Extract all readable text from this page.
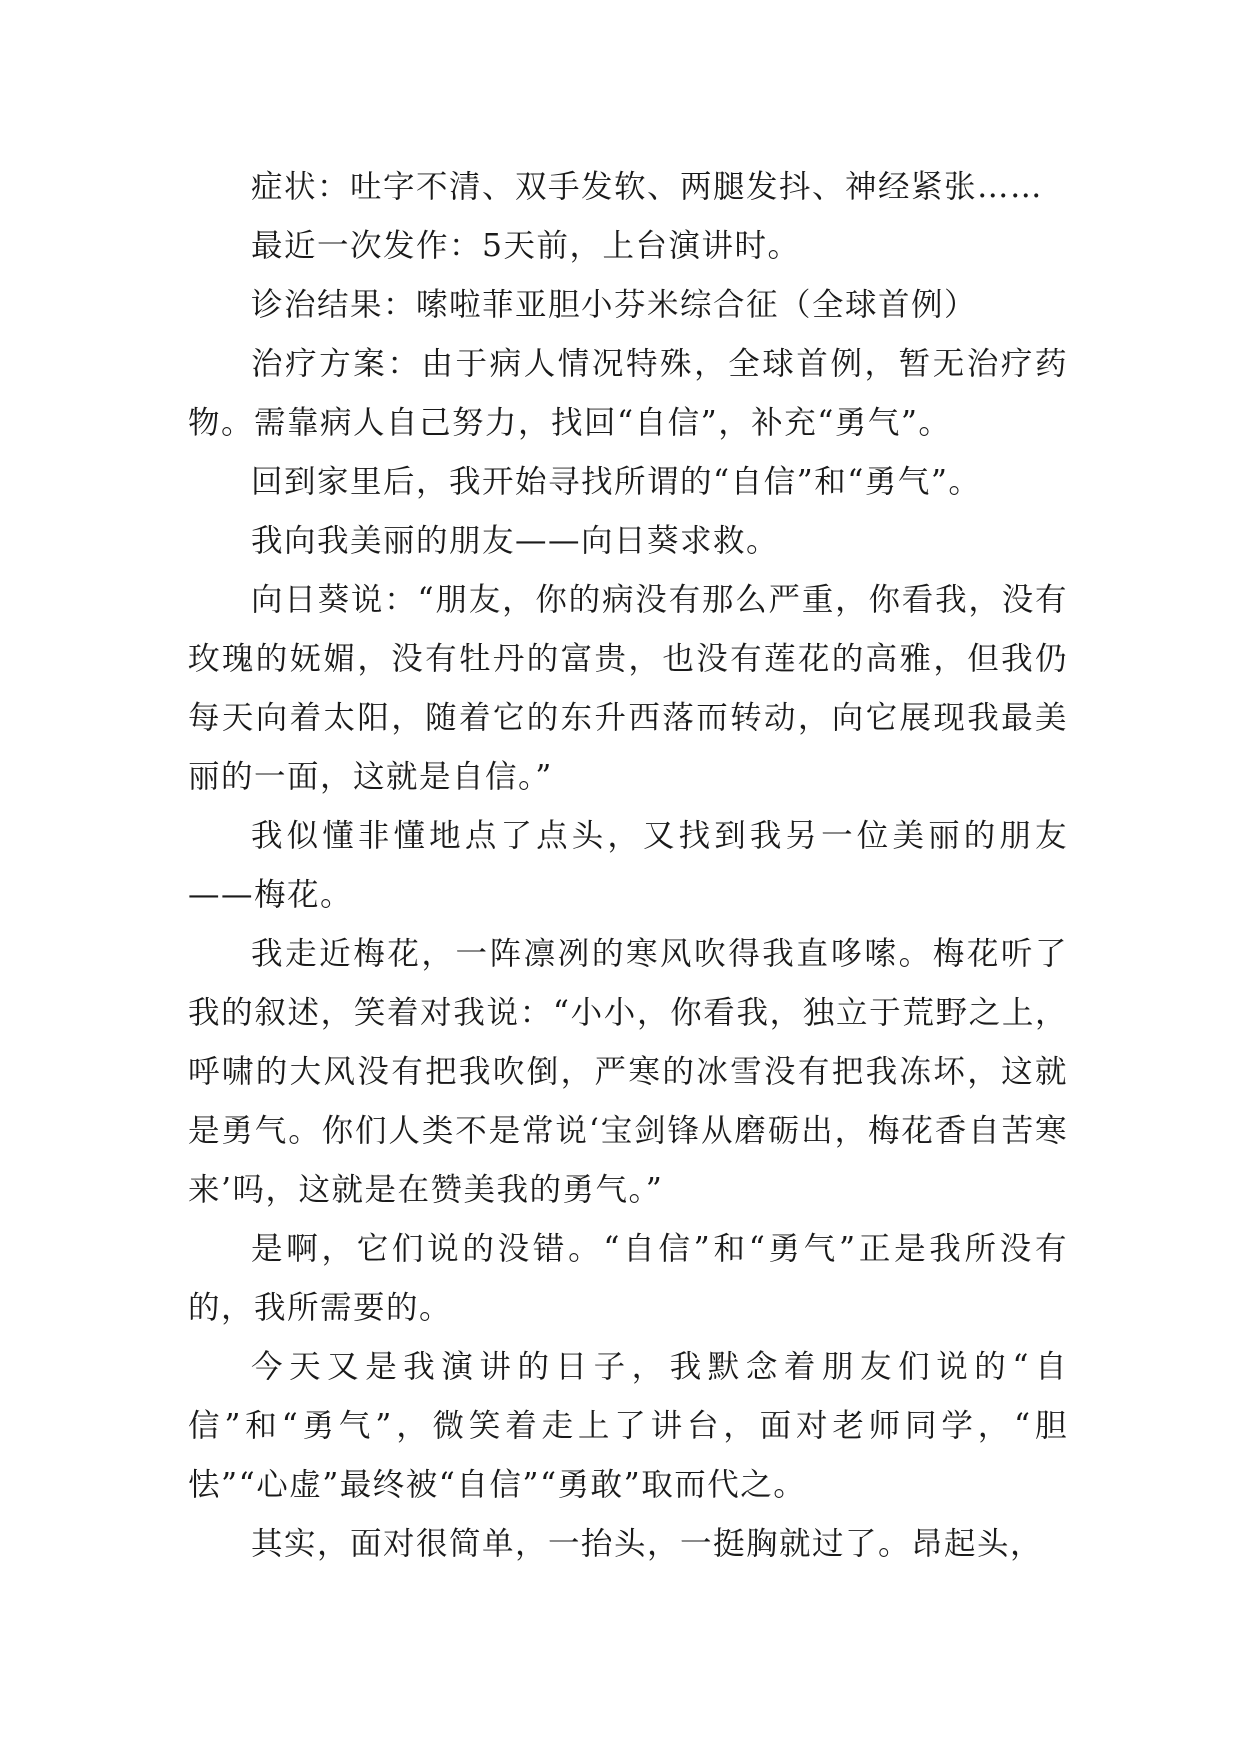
症状：吐字不清、双手发软、两腿发抖、神经紧张……

最近一次发作：5天前，上台演讲时。

诊治结果：嗦啦菲亚胆小芬米综合征（全球首例）

治疗方案：由于病人情况特殊，全球首例，暂无治疗药物。需靠病人自己努力，找回“自信”，补充“勇气”。

回到家里后，我开始寻找所谓的“自信”和“勇气”。

我向我美丽的朋友——向日葵求救。

向日葵说：“朋友，你的病没有那么严重，你看我，没有玫瑰的妩媚，没有牡丹的富贵，也没有莲花的高雅，但我仍每天向着太阳，随着它的东升西落而转动，向它展现我最美丽的一面，这就是自信。”

我似懂非懂地点了点头，又找到我另一位美丽的朋友——梅花。

我走近梅花，一阵凛冽的寒风吹得我直哆嗦。梅花听了我的叙述，笑着对我说：“小小，你看我，独立于荒野之上，呼啸的大风没有把我吹倒，严寒的冰雪没有把我冻坏，这就是勇气。你们人类不是常说‘宝剑锋从磨砺出，梅花香自苦寒来’吗，这就是在赞美我的勇气。”

是啊，它们说的没错。“自信”和“勇气”正是我所没有的，我所需要的。

今天又是我演讲的日子，我默念着朋友们说的“自信”和“勇气”，微笑着走上了讲台，面对老师同学，“胆怯”“心虚”最终被“自信”“勇敢”取而代之。

其实，面对很简单，一抬头，一挺胸就过了。昂起头，
